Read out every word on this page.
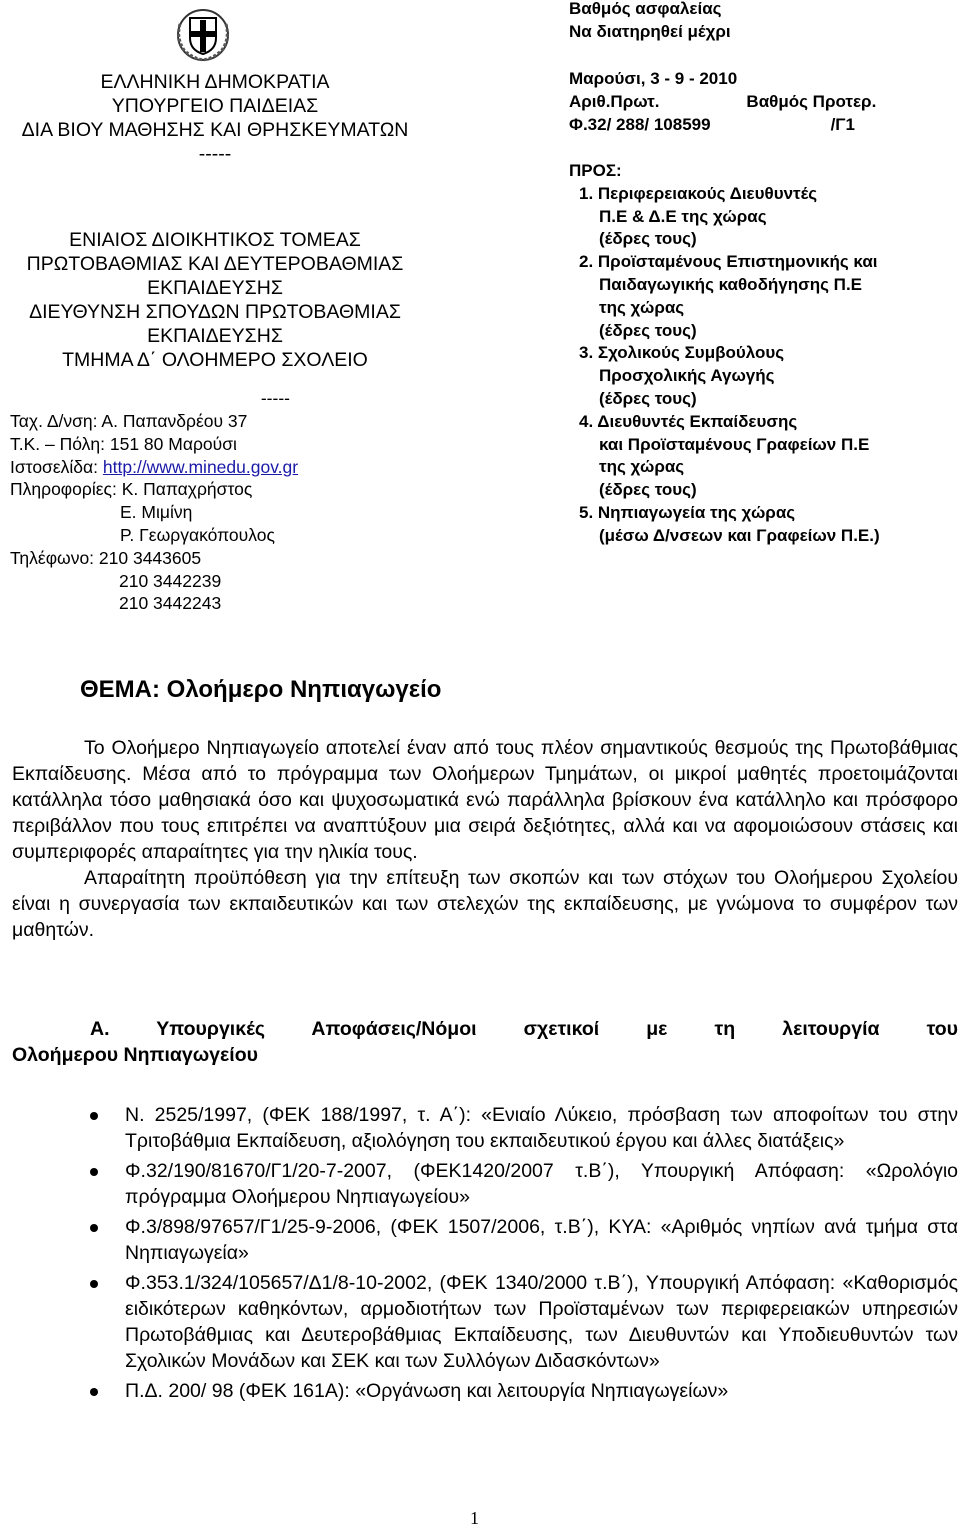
ΕΛΛΗΝΙΚΗ ΔΗΜΟΚΡΑΤΙΑ
ΥΠΟΥΡΓΕΙΟ ΠΑΙΔΕΙΑΣ
ΔΙΑ ΒΙΟΥ ΜΑΘΗΣΗΣ ΚΑΙ ΘΡΗΣΚΕΥΜΑΤΩΝ
-----
ΕΝΙΑΙΟΣ ΔΙΟΙΚΗΤΙΚΟΣ ΤΟΜΕΑΣ
ΠΡΩΤΟΒΑΘΜΙΑΣ ΚΑΙ ΔΕΥΤΕΡΟΒΑΘΜΙΑΣ
ΕΚΠΑΙΔΕΥΣΗΣ
ΔΙΕΥΘΥΝΣΗ ΣΠΟΥΔΩΝ ΠΡΩΤΟΒΑΘΜΙΑΣ
ΕΚΠΑΙΔΕΥΣΗΣ
ΤΜΗΜΑ Δ΄ ΟΛΟΗΜΕΡΟ ΣΧΟΛΕΙΟ
-----
Ταχ. Δ/νση: Α. Παπανδρέου 37
Τ.Κ. – Πόλη: 151 80 Μαρούσι
Ιστοσελίδα: http://www.minedu.gov.gr
Πληροφορίες: Κ. Παπαχρήστος
Ε. Μιμίνη
Ρ. Γεωργακόπουλος
Τηλέφωνο: 210 3443605
210 3442239
210 3442243
Βαθμός ασφαλείας
Να διατηρηθεί μέχρι
Μαρούσι, 3 - 9 - 2010
Αριθ.Πρωτ.	Βαθμός Προτερ.
Φ.32/ 288/ 108599	/Γ1
ΠΡΟΣ:
1. Περιφερειακούς Διευθυντές
Π.Ε & Δ.Ε της χώρας
(έδρες τους)
2. Προϊσταμένους Επιστημονικής και
Παιδαγωγικής καθοδήγησης Π.Ε
της χώρας
(έδρες τους)
3. Σχολικούς Συμβούλους
Προσχολικής Αγωγής
(έδρες τους)
4. Διευθυντές Εκπαίδευσης
και Προϊσταμένους Γραφείων Π.Ε
της χώρας
(έδρες τους)
5. Νηπιαγωγεία της χώρας
(μέσω Δ/νσεων και Γραφείων Π.Ε.)
ΘΕΜΑ: Ολοήμερο Νηπιαγωγείο

Το Ολοήμερο Νηπιαγωγείο αποτελεί έναν από τους πλέον σημαντικούς θεσμούς της Πρωτοβάθμιας Εκπαίδευσης. Μέσα από το πρόγραμμα των Ολοήμερων Τμημάτων, οι μικροί μαθητές προετοιμάζονται κατάλληλα τόσο μαθησιακά όσο και ψυχοσωματικά ενώ παράλληλα βρίσκουν ένα κατάλληλο και πρόσφορο περιβάλλον που τους επιτρέπει να αναπτύξουν μια σειρά δεξιότητες, αλλά και να αφομοιώσουν στάσεις και συμπεριφορές απαραίτητες για την ηλικία τους.

Απαραίτητη προϋπόθεση για την επίτευξη των σκοπών και των στόχων του Ολοήμερου Σχολείου είναι η συνεργασία των εκπαιδευτικών και των στελεχών της εκπαίδευσης, με γνώμονα το συμφέρον των μαθητών.

Α. Υπουργικές Αποφάσεις/Νόμοι σχετικοί με τη λειτουργία του
Ολοήμερου Νηπιαγωγείου
Ν. 2525/1997, (ΦΕΚ 188/1997, τ. Α΄): «Ενιαίο Λύκειο, πρόσβαση των αποφοίτων του στην Τριτοβάθμια Εκπαίδευση, αξιολόγηση του εκπαιδευτικού έργου και άλλες διατάξεις»
Φ.32/190/81670/Γ1/20-7-2007, (ΦΕΚ1420/2007 τ.Β΄), Υπουργική Απόφαση: «Ωρολόγιο πρόγραμμα Ολοήμερου Νηπιαγωγείου»
Φ.3/898/97657/Γ1/25-9-2006, (ΦΕΚ 1507/2006, τ.Β΄), ΚΥΑ: «Αριθμός νηπίων ανά τμήμα στα Νηπιαγωγεία»
Φ.353.1/324/105657/Δ1/8-10-2002, (ΦΕΚ 1340/2000 τ.Β΄), Υπουργική Απόφαση: «Καθορισμός ειδικότερων καθηκόντων, αρμοδιοτήτων των Προϊσταμένων των περιφερειακών υπηρεσιών Πρωτοβάθμιας και Δευτεροβάθμιας Εκπαίδευσης, των Διευθυντών και Υποδιευθυντών των Σχολικών Μονάδων και ΣΕΚ και των Συλλόγων Διδασκόντων»
Π.Δ. 200/ 98 (ΦΕΚ 161Α): «Οργάνωση και λειτουργία Νηπιαγωγείων»
1
